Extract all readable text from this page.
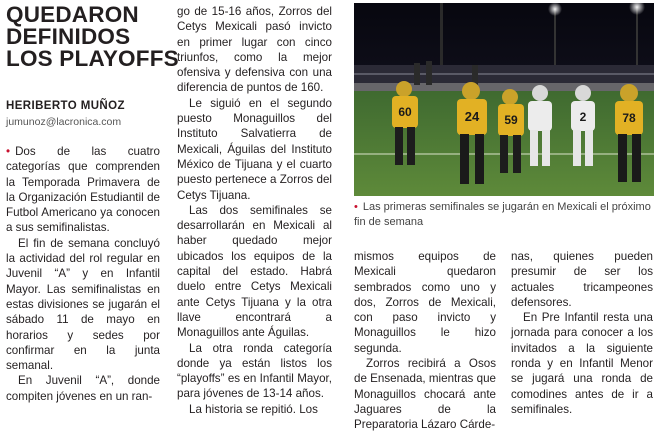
QUEDARON
DEFINIDOS
LOS PLAYOFFS
HERIBERTO MUÑOZ
jumunoz@lacronica.com

• Dos de las cuatro categorías que comprenden la Temporada Primavera de la Organización Estudiantil de Futbol Americano ya conocen a sus semifinalistas.

El fin de semana concluyó la actividad del rol regular en Juvenil “A” y en Infantil Mayor. Las semifinalistas en estas divisiones se jugarán el sábado 11 de mayo en horarios y sedes por confirmar en la junta semanal.

En Juvenil “A”, donde compiten jóvenes en un ran-

go de 15-16 años, Zorros del Cetys Mexicali pasó invicto en primer lugar con cinco triunfos, como la mejor ofensiva y defensiva con una diferencia de puntos de 160.

Le siguió en el segundo puesto Monaguillos del Instituto Salvatierra de Mexicali, Águilas del Instituto México de Tijuana y el cuarto puesto pertenece a Zorros del Cetys Tijuana.

Las dos semifinales se desarrollarán en Mexicali al haber quedado mejor ubicados los equipos de la capital del estado. Habrá duelo entre Cetys Mexicali ante Cetys Tijuana y la otra llave encontrará a Monaguillos ante Águilas.

La otra ronda categoría donde ya están listos los “playoffs” es en Infantil Mayor, para jóvenes de 13-14 años.

La historia se repitió. Los

60	24 59	2	78
• Las primeras semifinales se jugarán en Mexicali el próximo fin de semana

mismos equipos de Mexicali quedaron sembrados como uno y dos, Zorros de Mexicali, con paso invicto y Monaguillos le hizo segunda.

Zorros recibirá a Osos de Ensenada, mientras que Monaguillos chocará ante Jaguares de la Preparatoria Lázaro Cárde-

nas, quienes pueden presumir de ser los actuales tricampeones defensores.

En Pre Infantil resta una jornada para conocer a los invitados a la siguiente ronda y en Infantil Menor se jugará una ronda de comodines antes de ir a semifinales.
